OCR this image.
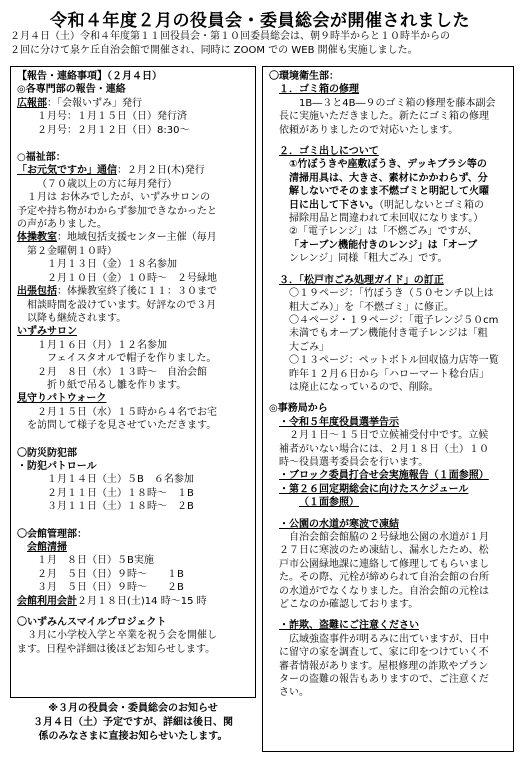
令和４年度２月の役員会・委員総会が開催されました

２月４日（土）令和４年度第１１回役員会・第１０回委員総会は、朝９時半からと１０時半からの

２回に分けて泉ケ丘自治会館で開催され、同時に ZOOM での WEB 開催も実施しました。

【報告・連絡事項】（２月４日）

◎各専門部の報告・連絡

広報部：「会報いずみ」発行

１月号：１月１５日（日）発行済

２月号：２月１２日（日）8:30～

○福祉部：

「お元気ですか」通信：２月２日(木)発行

（７０歳以上の方に毎月発行）

１月は お休みでしたが、いずみサロンの

予定や持ち物がわからず参加できなかったと

の声がありました。

体操教室：地域包括支援センター主催（毎月

第２金曜朝１０時）

１月１３日（金）１８名参加

２月１０日（金）１０時～　２号緑地

出張包括：体操教室終了後に１１：３０まで

相談時間を設けています。好評なので３月

以降も継続されます。

いずみサロン

１月１６日（月）１２名参加

フェイスタオルで帽子を作りました。

２月　８日（水）１３時～　自治会館

折り紙で吊るし雛を作ります。

見守りパトウォーク

２月１５日（水）１５時から４名でお宅

を訪問して様子を見させていただきます。

〇防災防犯部

・防犯パトロール

１月１４日（土）５B　６名参加

２月１１日（土）１８時～　１B

３月１１日（土）１８時～　２B

〇会館管理部：

会館清掃

１月　８日（日）５B実施

２月　５日（日）９時～　　１B

３月　５日（日）９時～　　２B

会館利用会計２月１８日(土)14 時～15 時

〇いずみんスマイルプロジェクト

３月に小学校入学と卒業を祝う会を開催し

ます。日程や詳細は後ほどお知らせします。

※３月の役員会・委員総会のお知らせ

３月４日（土）予定ですが、詳細は後日、関

係のみなさまに直接お知らせいたします。

〇環境衛生部：

１．ゴミ箱の修理

1B―３と4B―９のゴミ箱の修理を藤本副会

長に実施いただきました。新たにゴミ箱の修理

依頼がありましたので対応いたします。

２．ゴミ出しについて

①竹ぼうきや座敷ぼうき、デッキブラシ等の

清掃用具は、大きさ、素材にかかわらず、分

解しないでそのまま不燃ゴミと明記して火曜

日に出して下さい。（明記しないとゴミ箱の

掃除用品と間違われて未回収になります。）

②「電子レンジ」は「不燃ごみ」ですが、

「オーブン機能付きのレンジ」は「オーブ

ンレンジ」同様「粗大ごみ」です。

３．「松戸市ごみ処理ガイド」の訂正

〇１９ページ：「竹ぼうき（５０センチ以上は

粗大ごみ）」を「不燃ゴミ」に修正。

〇４ページ・１９ページ：「電子レンジ５０cm

未満でもオーブン機能付き電子レンジは「粗

大ごみ」

〇１３ページ：ペットボトル回収協力店等一覧

昨年１２月６日から「ハローマート稔台店」

は廃止になっているので、削除。

◎事務局から

・令和５年度役員選挙告示

２月１日～１５日で立候補受付中です。立候

補者がいない場合には、２月１８日（土）１０

時～役員選考委員会を行います。

・ブロック委員打合せ会実施報告（１面参照）

・第２６回定期総会に向けたスケジュール

（１面参照）

・公園の水道が寒波で凍結

自治会館会館脇の２号緑地公園の水道が１月

２７日に寒波のため凍結し、漏水したため、松

戸市公園緑地課に連絡して修理してもらいまし

た。その際、元栓が締められて自治会館の台所

の水道がでなくなりました。自治会館の元栓は

どこなのか確認しております。

・詐欺、盗難にご注意ください

広域強盗事件が明るみに出ていますが、日中

に留守の家を調査して、家に印をつけていく不

審者情報があります。屋根修理の詐欺やプラン

ターの盗難の報告もありますので、ご注意くだ

さい。
